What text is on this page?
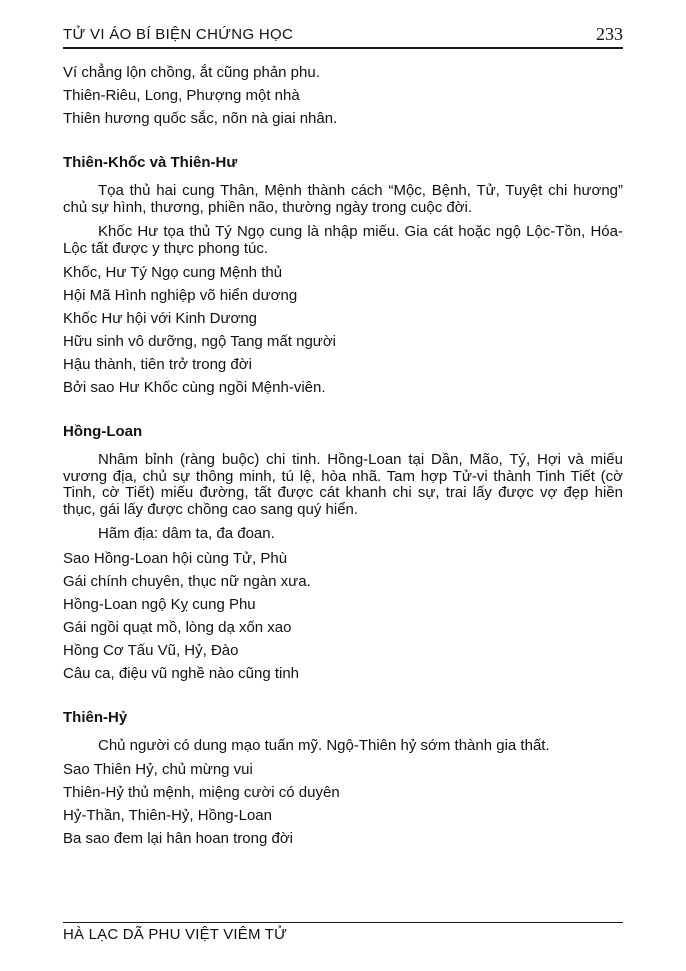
TỬ VI ÁO BÍ BIỆN CHỨNG HỌC	233

Ví chẳng lộn chồng, ắt cũng phản phu.

Thiên-Riêu, Long, Phượng một nhà

Thiên hương quốc sắc, nõn nà giai nhân.

Thiên-Khốc và Thiên-Hư

Tọa thủ hai cung Thân, Mệnh thành cách “Mộc, Bệnh, Tử, Tuyệt chi hương” chủ sự hình, thương, phiền não, thường ngày trong cuộc đời.

Khốc Hư tọa thủ Tý Ngọ cung là nhập miếu. Gia cát hoặc ngộ Lộc-Tồn, Hóa-Lộc tất được y thực phong túc.

Khốc, Hư Tý Ngọ cung Mệnh thủ

Hội Mã Hình nghiệp võ hiển dương

Khốc Hư hội với Kinh Dương

Hữu sinh vô dưỡng, ngộ Tang mất người

Hậu thành, tiên trở trong đời

Bởi sao Hư Khốc cùng ngồi Mệnh-viên.

Hồng-Loan

Nhâm bỉnh (ràng buộc) chi tinh. Hồng-Loan tại Dần, Mão, Tý, Hợi và miếu vương địa, chủ sự thông minh, tú lệ, hòa nhã. Tam hợp Tử-vi thành Tinh Tiết (cờ Tinh, cờ Tiết) miếu đường, tất được cát khanh chi sự, trai lấy được vợ đẹp hiền thục, gái lấy được chồng cao sang quý hiển.

Hãm địa: dâm ta, đa đoan.

Sao Hồng-Loan hội cùng Tử, Phù

Gái chính chuyên, thục nữ ngàn xưa.

Hồng-Loan ngộ Kỵ cung Phu

Gái ngồi quạt mồ, lòng dạ xốn xao

Hồng Cơ Tấu Vũ, Hỷ, Đào

Câu ca, điệu vũ nghề nào cũng tinh

Thiên-Hỷ

Chủ người có dung mạo tuấn mỹ. Ngộ-Thiên hỷ sớm thành gia thất.

Sao Thiên Hỷ, chủ mừng vui

Thiên-Hỷ thủ mệnh, miệng cười có duyên

Hỷ-Thần, Thiên-Hỷ, Hồng-Loan

Ba sao đem lại hân hoan trong đời

HÀ LẠC DÃ PHU VIỆT VIÊM TỬ
